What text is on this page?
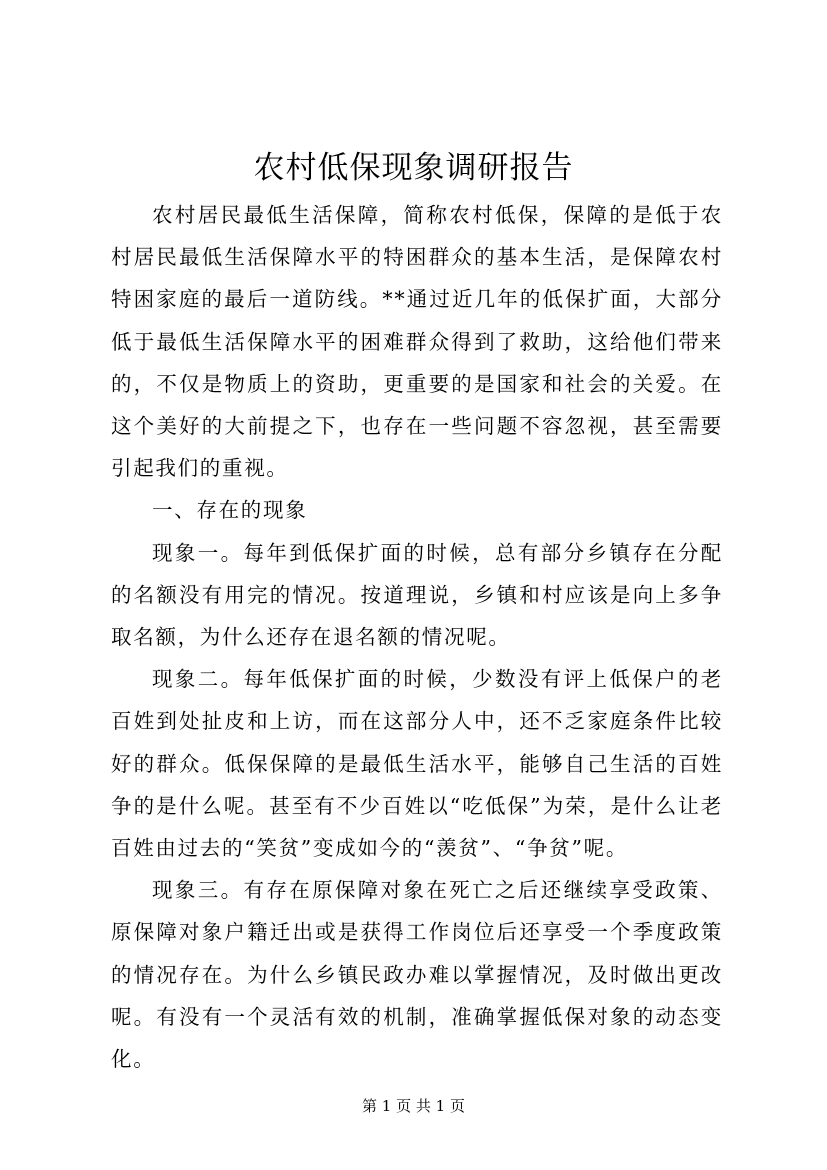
农村低保现象调研报告

农村居民最低生活保障，简称农村低保，保障的是低于农村居民最低生活保障水平的特困群众的基本生活，是保障农村特困家庭的最后一道防线。**通过近几年的低保扩面，大部分低于最低生活保障水平的困难群众得到了救助，这给他们带来的，不仅是物质上的资助，更重要的是国家和社会的关爱。在这个美好的大前提之下，也存在一些问题不容忽视，甚至需要引起我们的重视。

一、存在的现象

现象一。每年到低保扩面的时候，总有部分乡镇存在分配的名额没有用完的情况。按道理说，乡镇和村应该是向上多争取名额，为什么还存在退名额的情况呢。

现象二。每年低保扩面的时候，少数没有评上低保户的老百姓到处扯皮和上访，而在这部分人中，还不乏家庭条件比较好的群众。低保保障的是最低生活水平，能够自己生活的百姓争的是什么呢。甚至有不少百姓以“吃低保”为荣，是什么让老百姓由过去的“笑贫”变成如今的“羡贫”、“争贫”呢。

现象三。有存在原保障对象在死亡之后还继续享受政策、原保障对象户籍迁出或是获得工作岗位后还享受一个季度政策的情况存在。为什么乡镇民政办难以掌握情况，及时做出更改呢。有没有一个灵活有效的机制，准确掌握低保对象的动态变化。

第 1 页 共 1 页
